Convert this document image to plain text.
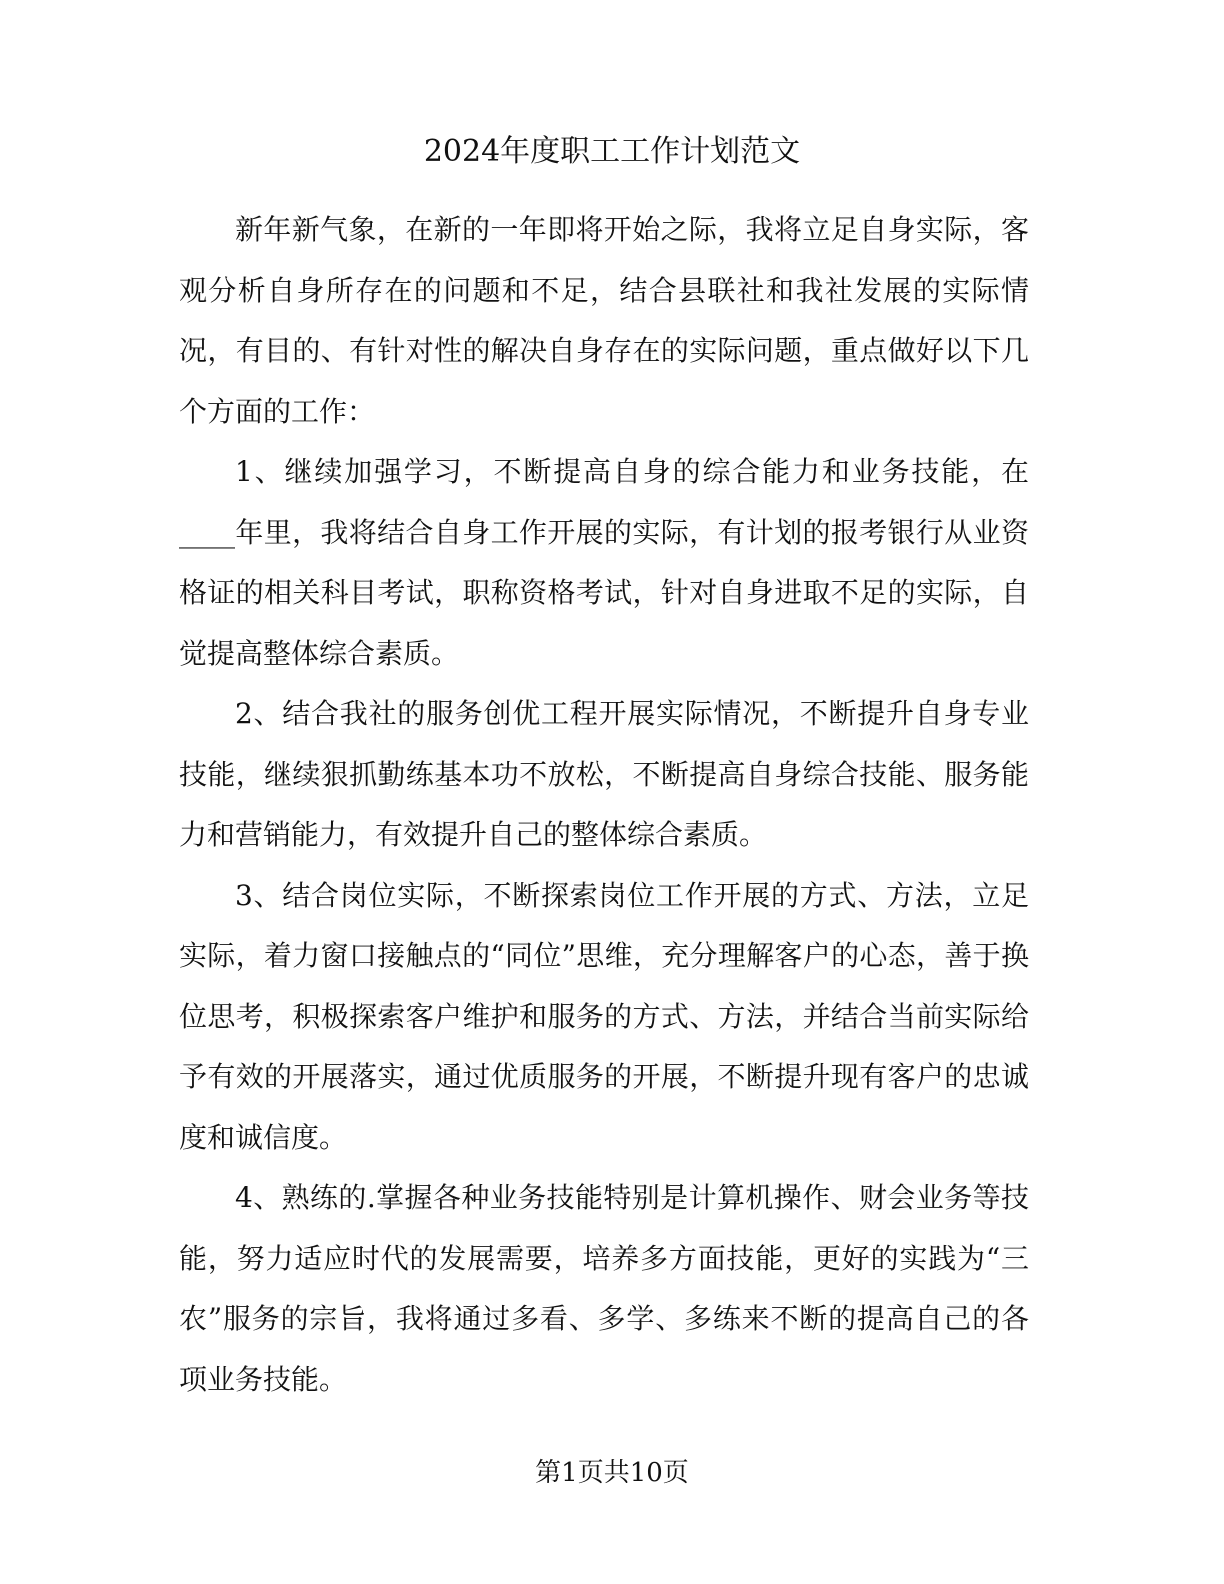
2024年度职工工作计划范文

新年新气象，在新的一年即将开始之际，我将立足自身实际，客观分析自身所存在的问题和不足，结合县联社和我社发展的实际情况，有目的、有针对性的解决自身存在的实际问题，重点做好以下几个方面的工作：

1、继续加强学习，不断提高自身的综合能力和业务技能，在____年里，我将结合自身工作开展的实际，有计划的报考银行从业资格证的相关科目考试，职称资格考试，针对自身进取不足的实际，自觉提高整体综合素质。

2、结合我社的服务创优工程开展实际情况，不断提升自身专业技能，继续狠抓勤练基本功不放松，不断提高自身综合技能、服务能力和营销能力，有效提升自己的整体综合素质。

3、结合岗位实际，不断探索岗位工作开展的方式、方法，立足实际，着力窗口接触点的“同位”思维，充分理解客户的心态，善于换位思考，积极探索客户维护和服务的方式、方法，并结合当前实际给予有效的开展落实，通过优质服务的开展，不断提升现有客户的忠诚度和诚信度。

4、熟练的.掌握各种业务技能特别是计算机操作、财会业务等技能，努力适应时代的发展需要，培养多方面技能，更好的实践为“三农”服务的宗旨，我将通过多看、多学、多练来不断的提高自己的各项业务技能。

第1页共10页
